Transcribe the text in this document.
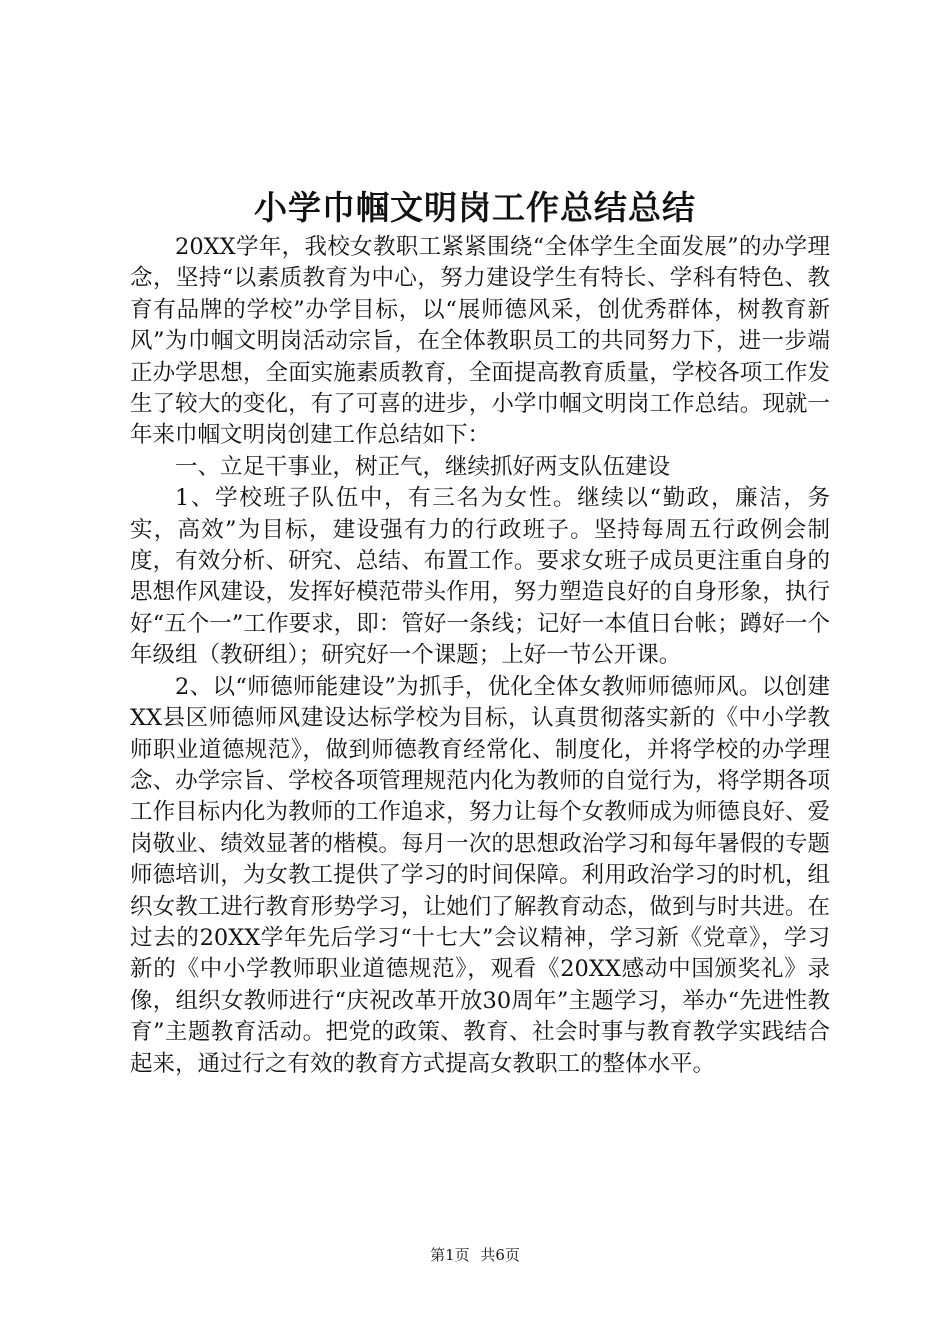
小学巾帼文明岗工作总结总结

20XX学年，我校女教职工紧紧围绕“全体学生全面发展”的办学理念，坚持“以素质教育为中心，努力建设学生有特长、学科有特色、教育有品牌的学校”办学目标，以“展师德风采，创优秀群体，树教育新风”为巾帼文明岗活动宗旨，在全体教职员工的共同努力下，进一步端正办学思想，全面实施素质教育，全面提高教育质量，学校各项工作发生了较大的变化，有了可喜的进步，小学巾帼文明岗工作总结。现就一年来巾帼文明岗创建工作总结如下：

一、立足干事业，树正气，继续抓好两支队伍建设

1、学校班子队伍中，有三名为女性。继续以“勤政，廉洁，务实，高效”为目标，建设强有力的行政班子。坚持每周五行政例会制度，有效分析、研究、总结、布置工作。要求女班子成员更注重自身的思想作风建设，发挥好模范带头作用，努力塑造良好的自身形象，执行好“五个一”工作要求，即：管好一条线；记好一本值日台帐；蹲好一个年级组（教研组）；研究好一个课题；上好一节公开课。

2、以“师德师能建设”为抓手，优化全体女教师师德师风。以创建XX县区师德师风建设达标学校为目标，认真贯彻落实新的《中小学教师职业道德规范》，做到师德教育经常化、制度化，并将学校的办学理念、办学宗旨、学校各项管理规范内化为教师的自觉行为，将学期各项工作目标内化为教师的工作追求，努力让每个女教师成为师德良好、爱岗敬业、绩效显著的楷模。每月一次的思想政治学习和每年暑假的专题师德培训，为女教工提供了学习的时间保障。利用政治学习的时机，组织女教工进行教育形势学习，让她们了解教育动态，做到与时共进。在过去的20XX学年先后学习“十七大”会议精神，学习新《党章》，学习新的《中小学教师职业道德规范》，观看《20XX感动中国颁奖礼》录像，组织女教师进行“庆祝改革开放30周年”主题学习，举办“先进性教育”主题教育活动。把党的政策、教育、社会时事与教育教学实践结合起来，通过行之有效的教育方式提高女教职工的整体水平。

第1页 共6页
